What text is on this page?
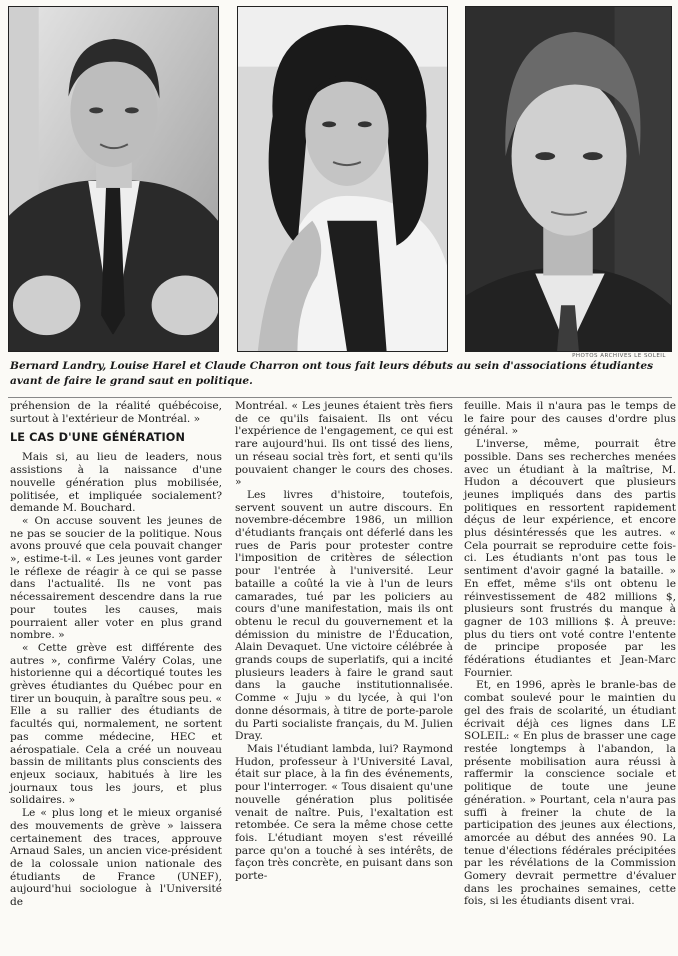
PHOTOS ARCHIVES LE SOLEIL

Bernard Landry, Louise Harel et Claude Charron ont tous fait leurs débuts au sein d'associations étudiantes avant de faire le grand saut en politique.

préhension de la réalité québécoise, surtout à l'extérieur de Montréal. »

LE CAS D'UNE GÉNÉRATION

Mais si, au lieu de leaders, nous assistions à la naissance d'une nouvelle génération plus mobilisée, politisée, et impliquée socialement? demande M. Bouchard.

« On accuse souvent les jeunes de ne pas se soucier de la politique. Nous avons prouvé que cela pouvait changer », estime-t-il. « Les jeunes vont garder le réflexe de réagir à ce qui se passe dans l'actualité. Ils ne vont pas nécessairement descendre dans la rue pour toutes les causes, mais pourraient aller voter en plus grand nombre. »

« Cette grève est différente des autres », confirme Valéry Colas, une historienne qui a décortiqué toutes les grèves étudiantes du Québec pour en tirer un bouquin, à paraître sous peu. « Elle a su rallier des étudiants de facultés qui, normalement, ne sortent pas comme médecine, HEC et aérospatiale. Cela a créé un nouveau bassin de militants plus conscients des enjeux sociaux, habitués à lire les journaux tous les jours, et plus solidaires. »

Le « plus long et le mieux organisé des mouvements de grève » laissera certainement des traces, approuve Arnaud Sales, un ancien vice-président de la colossale union nationale des étudiants de France (UNEF), aujourd'hui sociologue à l'Université de

Montréal. « Les jeunes étaient très fiers de ce qu'ils faisaient. Ils ont vécu l'expérience de l'engagement, ce qui est rare aujourd'hui. Ils ont tissé des liens, un réseau social très fort, et senti qu'ils pouvaient changer le cours des choses. »

Les livres d'histoire, toutefois, servent souvent un autre discours. En novembre-décembre 1986, un million d'étudiants français ont déferlé dans les rues de Paris pour protester contre l'imposition de critères de sélection pour l'entrée à l'université. Leur bataille a coûté la vie à l'un de leurs camarades, tué par les policiers au cours d'une manifestation, mais ils ont obtenu le recul du gouvernement et la démission du ministre de l'Éducation, Alain Devaquet. Une victoire célébrée à grands coups de superlatifs, qui a incité plusieurs leaders à faire le grand saut dans la gauche institutionnalisée. Comme « Juju » du lycée, à qui l'on donne désormais, à titre de porte-parole du Parti socialiste français, du M. Julien Dray.

Mais l'étudiant lambda, lui? Raymond Hudon, professeur à l'Université Laval, était sur place, à la fin des événements, pour l'interroger. « Tous disaient qu'une nouvelle génération plus politisée venait de naître. Puis, l'exaltation est retombée. Ce sera la même chose cette fois. L'étudiant moyen s'est réveillé parce qu'on a touché à ses intérêts, de façon très concrète, en puisant dans son porte-

feuille. Mais il n'aura pas le temps de le faire pour des causes d'ordre plus général. »

L'inverse, même, pourrait être possible. Dans ses recherches menées avec un étudiant à la maîtrise, M. Hudon a découvert que plusieurs jeunes impliqués dans des partis politiques en ressortent rapidement déçus de leur expérience, et encore plus désintéressés que les autres. « Cela pourrait se reproduire cette fois-ci. Les étudiants n'ont pas tous le sentiment d'avoir gagné la bataille. » En effet, même s'ils ont obtenu le réinvestissement de 482 millions $, plusieurs sont frustrés du manque à gagner de 103 millions $. À preuve: plus du tiers ont voté contre l'entente de principe proposée par les fédérations étudiantes et Jean-Marc Fournier.

Et, en 1996, après le branle-bas de combat soulevé pour le maintien du gel des frais de scolarité, un étudiant écrivait déjà ces lignes dans LE SOLEIL: « En plus de brasser une cage restée longtemps à l'abandon, la présente mobilisation aura réussi à raffermir la conscience sociale et politique de toute une jeune génération. » Pourtant, cela n'aura pas suffi à freiner la chute de la participation des jeunes aux élections, amorcée au début des années 90. La tenue d'élections fédérales précipitées par les révélations de la Commission Gomery devrait permettre d'évaluer dans les prochaines semaines, cette fois, si les étudiants disent vrai.
